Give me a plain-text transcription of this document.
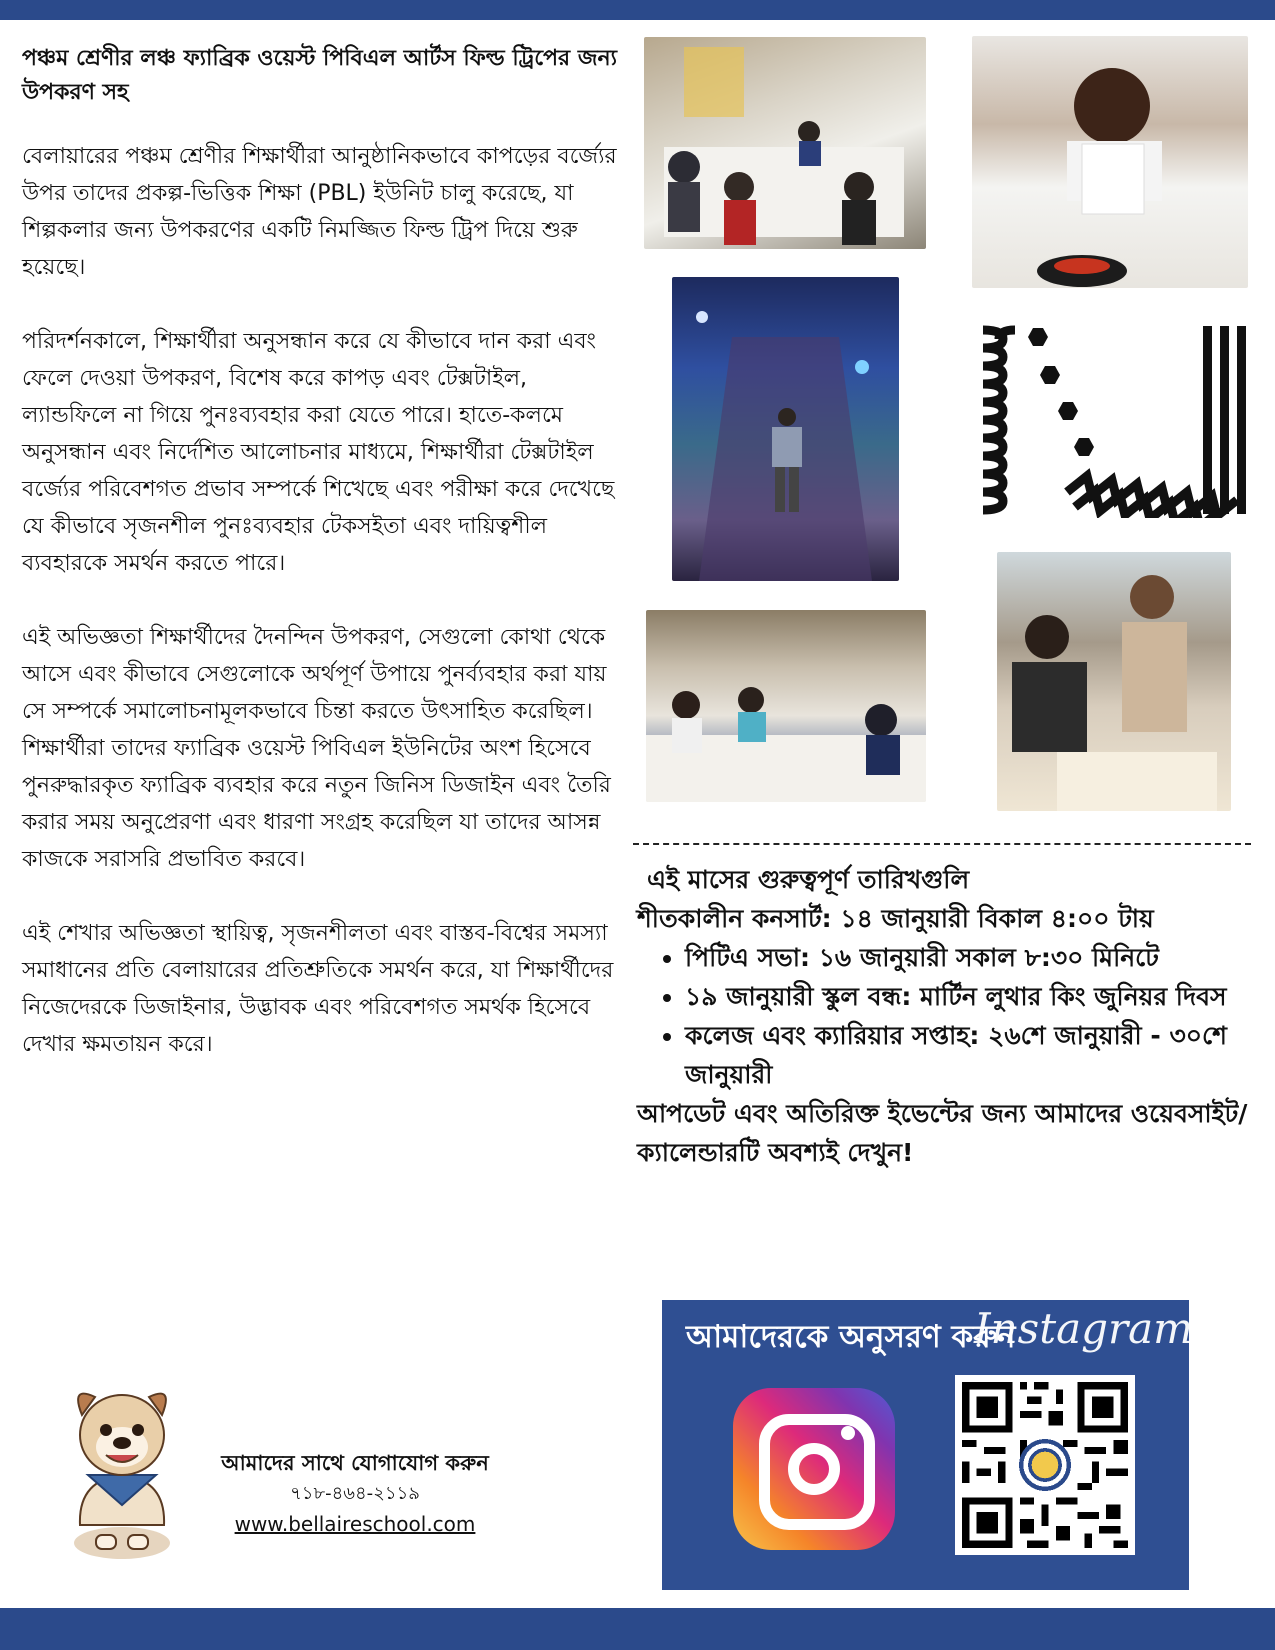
পঞ্চম শ্রেণীর লঞ্চ ফ্যাব্রিক ওয়েস্ট পিবিএল আর্টস ফিল্ড ট্রিপের জন্য উপকরণ সহ

বেলায়ারের পঞ্চম শ্রেণীর শিক্ষার্থীরা আনুষ্ঠানিকভাবে কাপড়ের বর্জ্যের উপর তাদের প্রকল্প-ভিত্তিক শিক্ষা (PBL) ইউনিট চালু করেছে, যা শিল্পকলার জন্য উপকরণের একটি নিমজ্জিত ফিল্ড ট্রিপ দিয়ে শুরু হয়েছে।

পরিদর্শনকালে, শিক্ষার্থীরা অনুসন্ধান করে যে কীভাবে দান করা এবং ফেলে দেওয়া উপকরণ, বিশেষ করে কাপড় এবং টেক্সটাইল, ল্যান্ডফিলে না গিয়ে পুনঃব্যবহার করা যেতে পারে। হাতে-কলমে অনুসন্ধান এবং নির্দেশিত আলোচনার মাধ্যমে, শিক্ষার্থীরা টেক্সটাইল বর্জ্যের পরিবেশগত প্রভাব সম্পর্কে শিখেছে এবং পরীক্ষা করে দেখেছে যে কীভাবে সৃজনশীল পুনঃব্যবহার টেকসইতা এবং দায়িত্বশীল ব্যবহারকে সমর্থন করতে পারে।

এই অভিজ্ঞতা শিক্ষার্থীদের দৈনন্দিন উপকরণ, সেগুলো কোথা থেকে আসে এবং কীভাবে সেগুলোকে অর্থপূর্ণ উপায়ে পুনর্ব্যবহার করা যায় সে সম্পর্কে সমালোচনামূলকভাবে চিন্তা করতে উৎসাহিত করেছিল। শিক্ষার্থীরা তাদের ফ্যাব্রিক ওয়েস্ট পিবিএল ইউনিটের অংশ হিসেবে পুনরুদ্ধারকৃত ফ্যাব্রিক ব্যবহার করে নতুন জিনিস ডিজাইন এবং তৈরি করার সময় অনুপ্রেরণা এবং ধারণা সংগ্রহ করেছিল যা তাদের আসন্ন কাজকে সরাসরি প্রভাবিত করবে।

এই শেখার অভিজ্ঞতা স্থায়িত্ব, সৃজনশীলতা এবং বাস্তব-বিশ্বের সমস্যা সমাধানের প্রতি বেলায়ারের প্রতিশ্রুতিকে সমর্থন করে, যা শিক্ষার্থীদের নিজেদেরকে ডিজাইনার, উদ্ভাবক এবং পরিবেশগত সমর্থক হিসেবে দেখার ক্ষমতায়ন করে।

এই মাসের গুরুত্বপূর্ণ তারিখগুলি
শীতকালীন কনসার্ট: ১৪ জানুয়ারী বিকাল ৪:০০ টায়
• পিটিএ সভা: ১৬ জানুয়ারী সকাল ৮:৩০ মিনিটে
• ১৯ জানুয়ারী স্কুল বন্ধ: মার্টিন লুথার কিং জুনিয়র দিবস
• কলেজ এবং ক্যারিয়ার সপ্তাহ: ২৬শে জানুয়ারী - ৩০শে জানুয়ারী
আপডেট এবং অতিরিক্ত ইভেন্টের জন্য আমাদের ওয়েবসাইট/ক্যালেন্ডারটি অবশ্যই দেখুন!
আমাদেরকে অনুসরণ করুন
Instagram
আমাদের সাথে যোগাযোগ করুন
৭১৮-৪৬৪-২১১৯
www.bellaireschool.com
